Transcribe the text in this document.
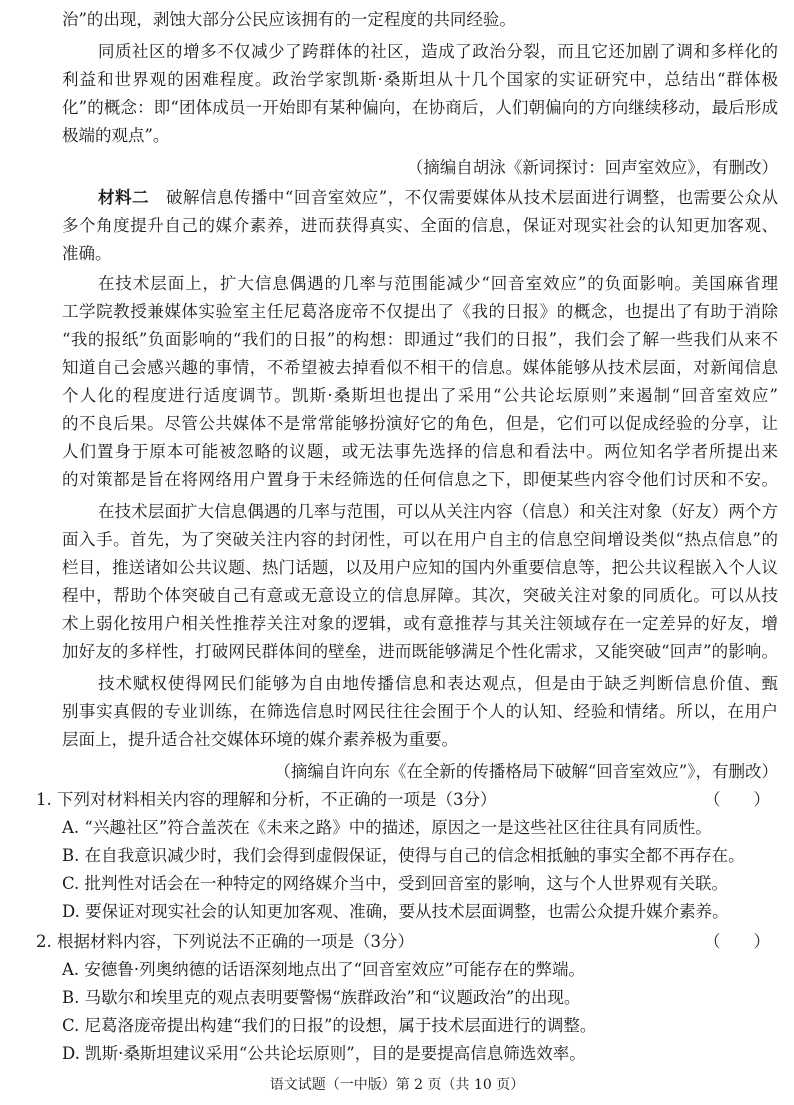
治”的出现，剥蚀大部分公民应该拥有的一定程度的共同经验。
同质社区的增多不仅减少了跨群体的社区，造成了政治分裂，而且它还加剧了调和多样化的
利益和世界观的困难程度。政治学家凯斯·桑斯坦从十几个国家的实证研究中，总结出“群体极
化”的概念：即“团体成员一开始即有某种偏向，在协商后，人们朝偏向的方向继续移动，最后形成
极端的观点”。
（摘编自胡泳《新词探讨：回声室效应》，有删改）
材料二　 破解信息传播中“回音室效应”，不仅需要媒体从技术层面进行调整，也需要公众从
多个角度提升自己的媒介素养，进而获得真实、全面的信息，保证对现实社会的认知更加客观、
准确。
在技术层面上，扩大信息偶遇的几率与范围能减少“回音室效应”的负面影响。美国麻省理
工学院教授兼媒体实验室主任尼葛洛庞帝不仅提出了《我的日报》的概念，也提出了有助于消除
“我的报纸”负面影响的“我们的日报”的构想：即通过“我们的日报”，我们会了解一些我们从来不
知道自己会感兴趣的事情，不希望被去掉看似不相干的信息。媒体能够从技术层面，对新闻信息
个人化的程度进行适度调节。凯斯·桑斯坦也提出了采用“公共论坛原则”来遏制“回音室效应”
的不良后果。尽管公共媒体不是常常能够扮演好它的角色，但是，它们可以促成经验的分享，让
人们置身于原本可能被忽略的议题，或无法事先选择的信息和看法中。两位知名学者所提出来
的对策都是旨在将网络用户置身于未经筛选的任何信息之下，即便某些内容令他们讨厌和不安。
在技术层面扩大信息偶遇的几率与范围，可以从关注内容（信息）和关注对象（好友）两个方
面入手。首先，为了突破关注内容的封闭性，可以在用户自主的信息空间增设类似“热点信息”的
栏目，推送诸如公共议题、热门话题，以及用户应知的国内外重要信息等，把公共议程嵌入个人议
程中，帮助个体突破自己有意或无意设立的信息屏障。其次，突破关注对象的同质化。可以从技
术上弱化按用户相关性推荐关注对象的逻辑，或有意推荐与其关注领域存在一定差异的好友，增
加好友的多样性，打破网民群体间的壁垒，进而既能够满足个性化需求，又能突破“回声”的影响。
技术赋权使得网民们能够为自由地传播信息和表达观点，但是由于缺乏判断信息价值、甄
别事实真假的专业训练，在筛选信息时网民往往会囿于个人的认知、经验和情绪。所以，在用户
层面上，提升适合社交媒体环境的媒介素养极为重要。
（摘编自许向东《在全新的传播格局下破解“回音室效应”》，有删改）
1. 下列对材料相关内容的理解和分析，不正确的一项是（3分）	（　　）
A. “兴趣社区”符合盖茨在《未来之路》中的描述，原因之一是这些社区往往具有同质性。
B. 在自我意识减少时，我们会得到虚假保证，使得与自己的信念相抵触的事实全都不再存在。
C. 批判性对话会在一种特定的网络媒介当中，受到回音室的影响，这与个人世界观有关联。
D. 要保证对现实社会的认知更加客观、准确，要从技术层面调整，也需公众提升媒介素养。
2. 根据材料内容，下列说法不正确的一项是（3分）	（　　）
A. 安德鲁·列奥纳德的话语深刻地点出了“回音室效应”可能存在的弊端。
B. 马歇尔和埃里克的观点表明要警惕“族群政治”和“议题政治”的出现。
C. 尼葛洛庞帝提出构建“我们的日报”的设想，属于技术层面进行的调整。
D. 凯斯·桑斯坦建议采用“公共论坛原则”，目的是要提高信息筛选效率。
语文试题（一中版）第 2 页（共 10 页）
